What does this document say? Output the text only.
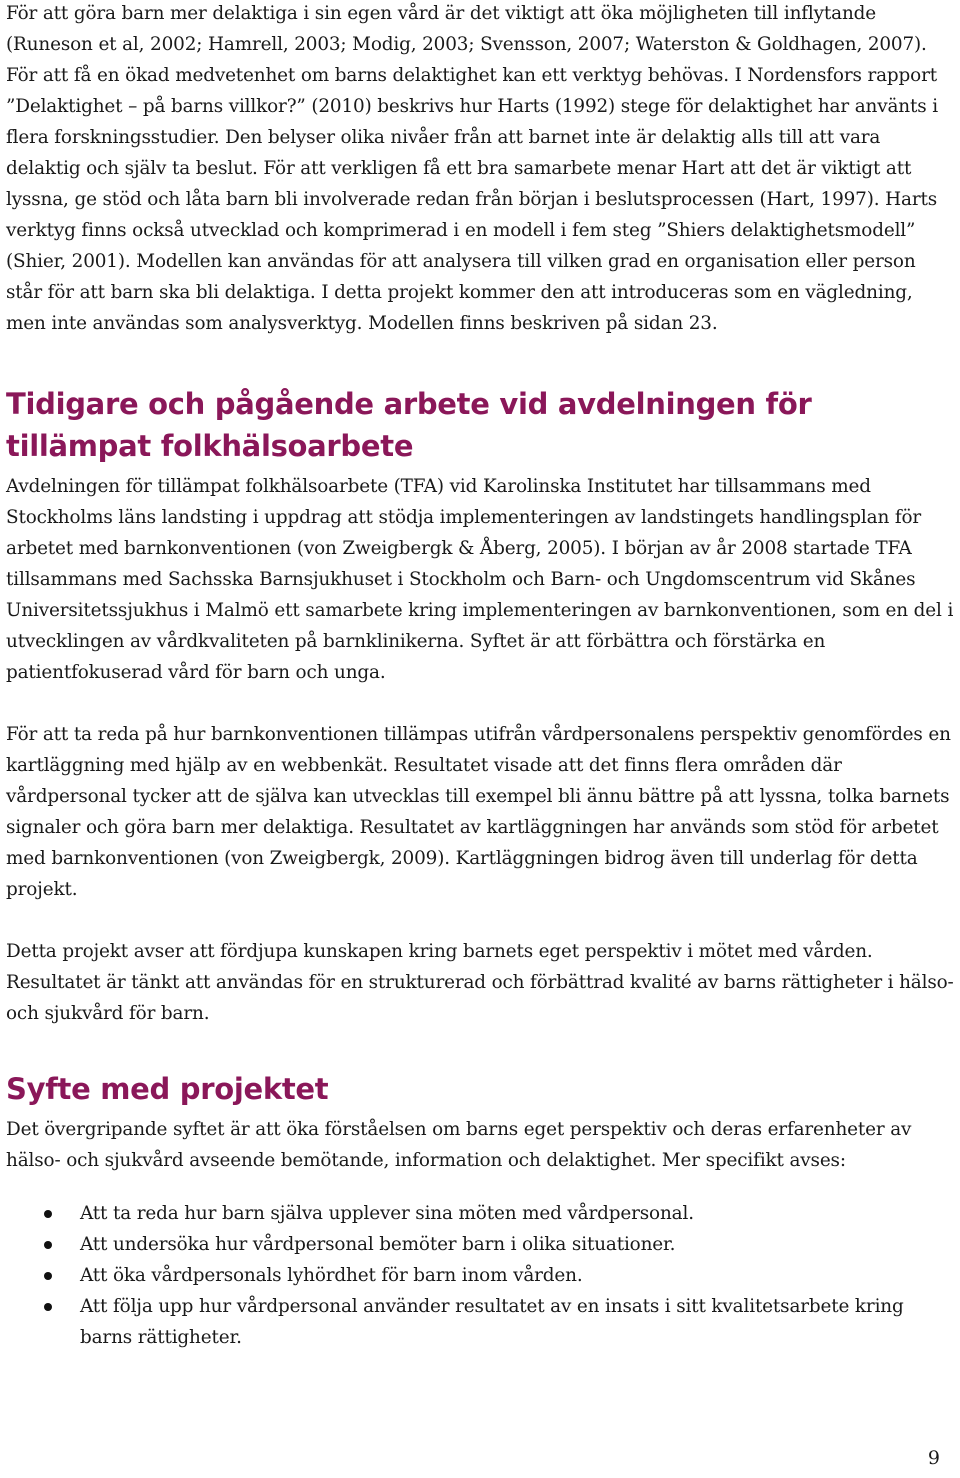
För att göra barn mer delaktiga i sin egen vård är det viktigt att öka möjligheten till inflytande (Runeson et al, 2002; Hamrell, 2003; Modig, 2003; Svensson, 2007; Waterston & Goldhagen, 2007). För att få en ökad medvetenhet om barns delaktighet kan ett verktyg behövas. I Nordensfors rapport ”Delaktighet – på barns villkor?” (2010) beskrivs hur Harts (1992) stege för delaktighet har använts i flera forskningsstudier. Den belyser olika nivåer från att barnet inte är delaktig alls till att vara delaktig och själv ta beslut. För att verkligen få ett bra samarbete menar Hart att det är viktigt att lyssna, ge stöd och låta barn bli involverade redan från början i beslutsprocessen (Hart, 1997). Harts verktyg finns också utvecklad och komprimerad i en modell i fem steg ”Shiers delaktighetsmodell” (Shier, 2001). Modellen kan användas för att analysera till vilken grad en organisation eller person står för att barn ska bli delaktiga. I detta projekt kommer den att introduceras som en vägledning, men inte användas som analysverktyg. Modellen finns beskriven på sidan 23.

Tidigare och pågående arbete vid avdelningen för tillämpat folkhälsoarbete

Avdelningen för tillämpat folkhälsoarbete (TFA) vid Karolinska Institutet har tillsammans med Stockholms läns landsting i uppdrag att stödja implementeringen av landstingets handlingsplan för arbetet med barnkonventionen (von Zweigbergk & Åberg, 2005). I början av år 2008 startade TFA tillsammans med Sachsska Barnsjukhuset i Stockholm och Barn- och Ungdomscentrum vid Skånes Universitetssjukhus i Malmö ett samarbete kring implementeringen av barnkonventionen, som en del i utvecklingen av vårdkvaliteten på barnklinikerna. Syftet är att förbättra och förstärka en patientfokuserad vård för barn och unga.

För att ta reda på hur barnkonventionen tillämpas utifrån vårdpersonalens perspektiv genomfördes en kartläggning med hjälp av en webbenkät. Resultatet visade att det finns flera områden där vårdpersonal tycker att de själva kan utvecklas till exempel bli ännu bättre på att lyssna, tolka barnets signaler och göra barn mer delaktiga. Resultatet av kartläggningen har används som stöd för arbetet med barnkonventionen (von Zweigbergk, 2009). Kartläggningen bidrog även till underlag för detta projekt.

Detta projekt avser att fördjupa kunskapen kring barnets eget perspektiv i mötet med vården. Resultatet är tänkt att användas för en strukturerad och förbättrad kvalité av barns rättigheter i hälso- och sjukvård för barn.

Syfte med projektet

Det övergripande syftet är att öka förståelsen om barns eget perspektiv och deras erfarenheter av hälso- och sjukvård avseende bemötande, information och delaktighet. Mer specifikt avses:

Att ta reda hur barn själva upplever sina möten med vårdpersonal.
Att undersöka hur vårdpersonal bemöter barn i olika situationer.
Att öka vårdpersonals lyhördhet för barn inom vården.
Att följa upp hur vårdpersonal använder resultatet av en insats i sitt kvalitetsarbete kring barns rättigheter.
9
